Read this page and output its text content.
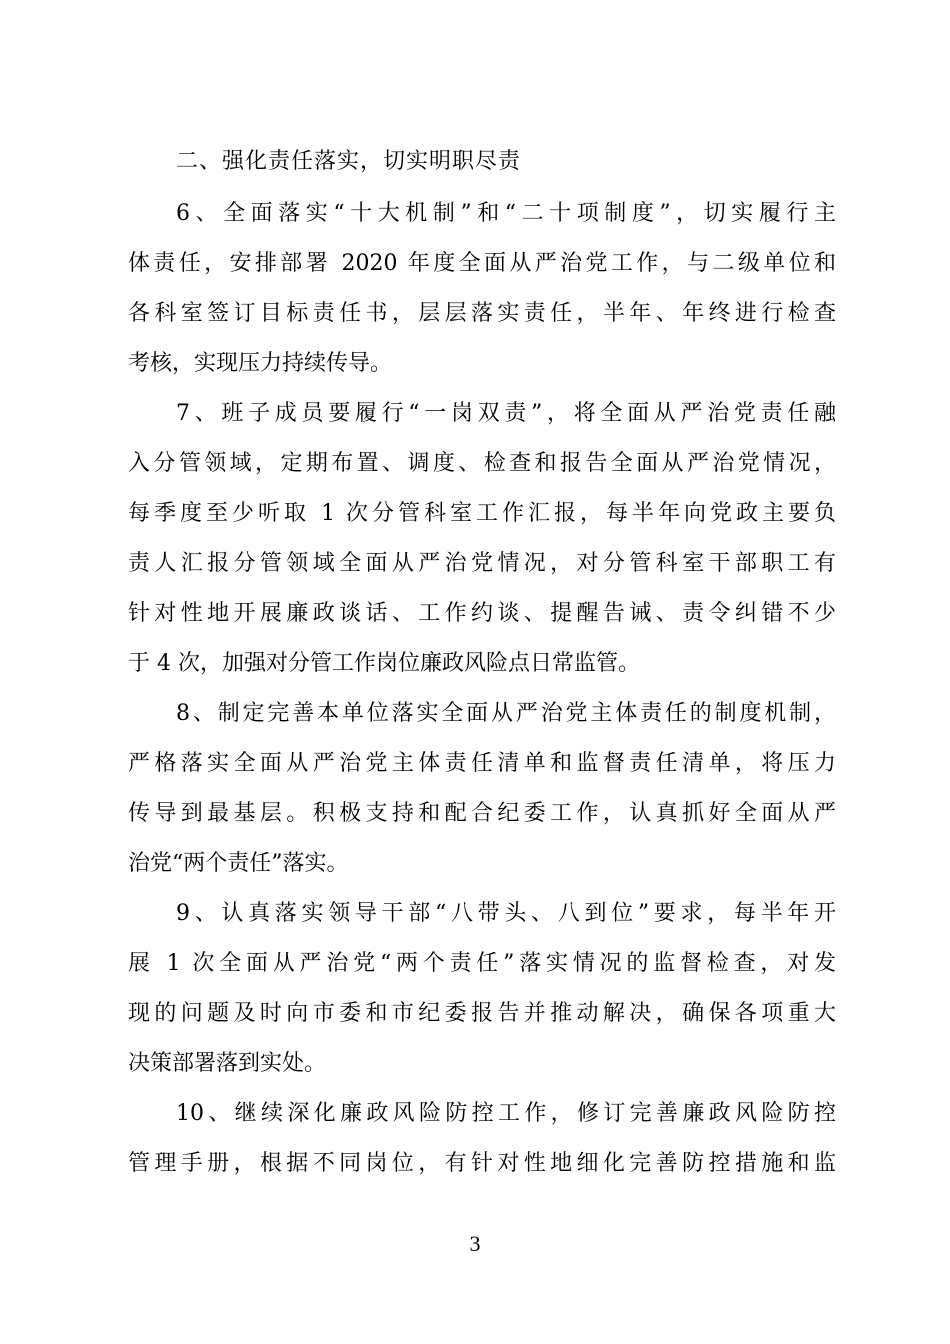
二、强化责任落实，切实明职尽责

6、全面落实“十大机制”和“二十项制度”，切实履行主

体责任，安排部署 2020 年度全面从严治党工作，与二级单位和

各科室签订目标责任书，层层落实责任，半年、年终进行检查

考核，实现压力持续传导。

7、班子成员要履行“一岗双责”，将全面从严治党责任融

入分管领域，定期布置、调度、检查和报告全面从严治党情况，

每季度至少听取 1 次分管科室工作汇报，每半年向党政主要负

责人汇报分管领域全面从严治党情况，对分管科室干部职工有

针对性地开展廉政谈话、工作约谈、提醒告诫、责令纠错不少

于 4 次，加强对分管工作岗位廉政风险点日常监管。

8、制定完善本单位落实全面从严治党主体责任的制度机制，

严格落实全面从严治党主体责任清单和监督责任清单，将压力

传导到最基层。积极支持和配合纪委工作，认真抓好全面从严

治党“两个责任”落实。

9、认真落实领导干部“八带头、八到位”要求，每半年开

展 1 次全面从严治党“两个责任”落实情况的监督检查，对发

现的问题及时向市委和市纪委报告并推动解决，确保各项重大

决策部署落到实处。

10、继续深化廉政风险防控工作，修订完善廉政风险防控

管理手册，根据不同岗位，有针对性地细化完善防控措施和监

3
